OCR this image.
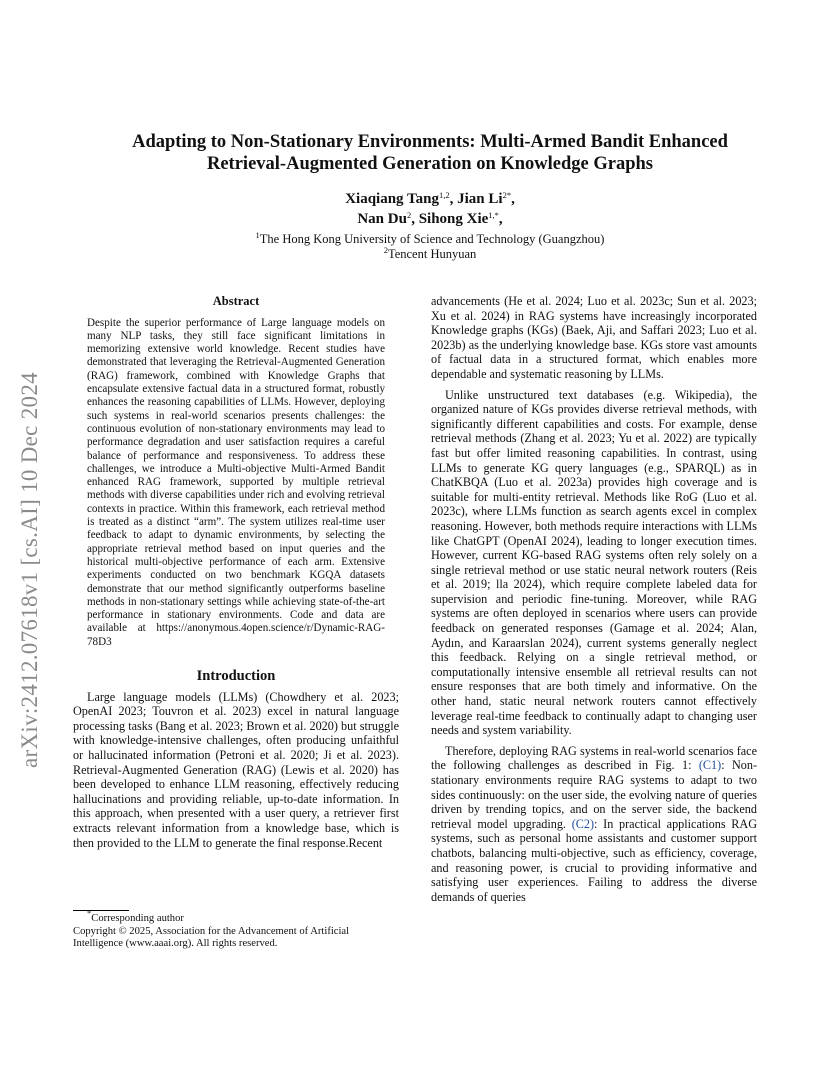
arXiv:2412.07618v1 [cs.AI] 10 Dec 2024
Adapting to Non-Stationary Environments: Multi-Armed Bandit Enhanced
Retrieval-Augmented Generation on Knowledge Graphs
Xiaqiang Tang$^{1,2}$, Jian $Li^{2*}$,
Nan Du$^2$, Sihong Xie$^{1,*}$,
$^1$The Hong Kong University of Science and Technology (Guangzhou)
$^2$Tencent Hunyuan
Abstract

Despite the superior performance of Large language models on many NLP tasks, they still face significant limitations in memorizing extensive world knowledge. Recent studies have demonstrated that leveraging the Retrieval-Augmented Generation (RAG) framework, combined with Knowledge Graphs that encapsulate extensive factual data in a structured format, robustly enhances the reasoning capabilities of LLMs. However, deploying such systems in real-world scenarios presents challenges: the continuous evolution of non-stationary environments may lead to performance degradation and user satisfaction requires a careful balance of performance and responsiveness. To address these challenges, we introduce a Multi-objective Multi-Armed Bandit enhanced RAG framework, supported by multiple retrieval methods with diverse capabilities under rich and evolving retrieval contexts in practice. Within this framework, each retrieval method is treated as a distinct “arm”. The system utilizes real-time user feedback to adapt to dynamic environments, by selecting the appropriate retrieval method based on input queries and the historical multi-objective performance of each arm. Extensive experiments conducted on two benchmark KGQA datasets demonstrate that our method significantly outperforms baseline methods in non-stationary settings while achieving state-of-the-art performance in stationary environments. Code and data are available at https://anonymous.4open.science/r/Dynamic-RAG-78D3

Introduction

Large language models (LLMs) (Chowdhery et al. 2023; OpenAI 2023; Touvron et al. 2023) excel in natural language processing tasks (Bang et al. 2023; Brown et al. 2020) but struggle with knowledge-intensive challenges, often producing unfaithful or hallucinated information (Petroni et al. 2020; Ji et al. 2023). Retrieval-Augmented Generation (RAG) (Lewis et al. 2020) has been developed to enhance LLM reasoning, effectively reducing hallucinations and providing reliable, up-to-date information. In this approach, when presented with a user query, a retriever first extracts relevant information from a knowledge base, which is then provided to the LLM to generate the final response.Recent

advancements (He et al. 2024; Luo et al. 2023c; Sun et al. 2023; Xu et al. 2024) in RAG systems have increasingly incorporated Knowledge graphs (KGs) (Baek, Aji, and Saffari 2023; Luo et al. 2023b) as the underlying knowledge base. KGs store vast amounts of factual data in a structured format, which enables more dependable and systematic reasoning by LLMs.

Unlike unstructured text databases (e.g. Wikipedia), the organized nature of KGs provides diverse retrieval methods, with significantly different capabilities and costs. For example, dense retrieval methods (Zhang et al. 2023; Yu et al. 2022) are typically fast but offer limited reasoning capabilities. In contrast, using LLMs to generate KG query languages (e.g., SPARQL) as in ChatKBQA (Luo et al. 2023a) provides high coverage and is suitable for multi-entity retrieval. Methods like RoG (Luo et al. 2023c), where LLMs function as search agents excel in complex reasoning. However, both methods require interactions with LLMs like ChatGPT (OpenAI 2024), leading to longer execution times. However, current KG-based RAG systems often rely solely on a single retrieval method or use static neural network routers (Reis et al. 2019; lla 2024), which require complete labeled data for supervision and periodic fine-tuning. Moreover, while RAG systems are often deployed in scenarios where users can provide feedback on generated responses (Gamage et al. 2024; Alan, Aydın, and Karaarslan 2024), current systems generally neglect this feedback. Relying on a single retrieval method, or computationally intensive ensemble all retrieval results can not ensure responses that are both timely and informative. On the other hand, static neural network routers cannot effectively leverage real-time feedback to continually adapt to changing user needs and system variability.

Therefore, deploying RAG systems in real-world scenarios face the following challenges as described in Fig. 1: (C1): Non-stationary environments require RAG systems to adapt to two sides continuously: on the user side, the evolving nature of queries driven by trending topics, and on the server side, the backend retrieval model upgrading. (C2): In practical applications RAG systems, such as personal home assistants and customer support chatbots, balancing multi-objective, such as efficiency, coverage, and reasoning power, is crucial to providing informative and satisfying user experiences. Failing to address the diverse demands of queries

*Corresponding author
Copyright © 2025, Association for the Advancement of Artificial Intelligence (www.aaai.org). All rights reserved.
